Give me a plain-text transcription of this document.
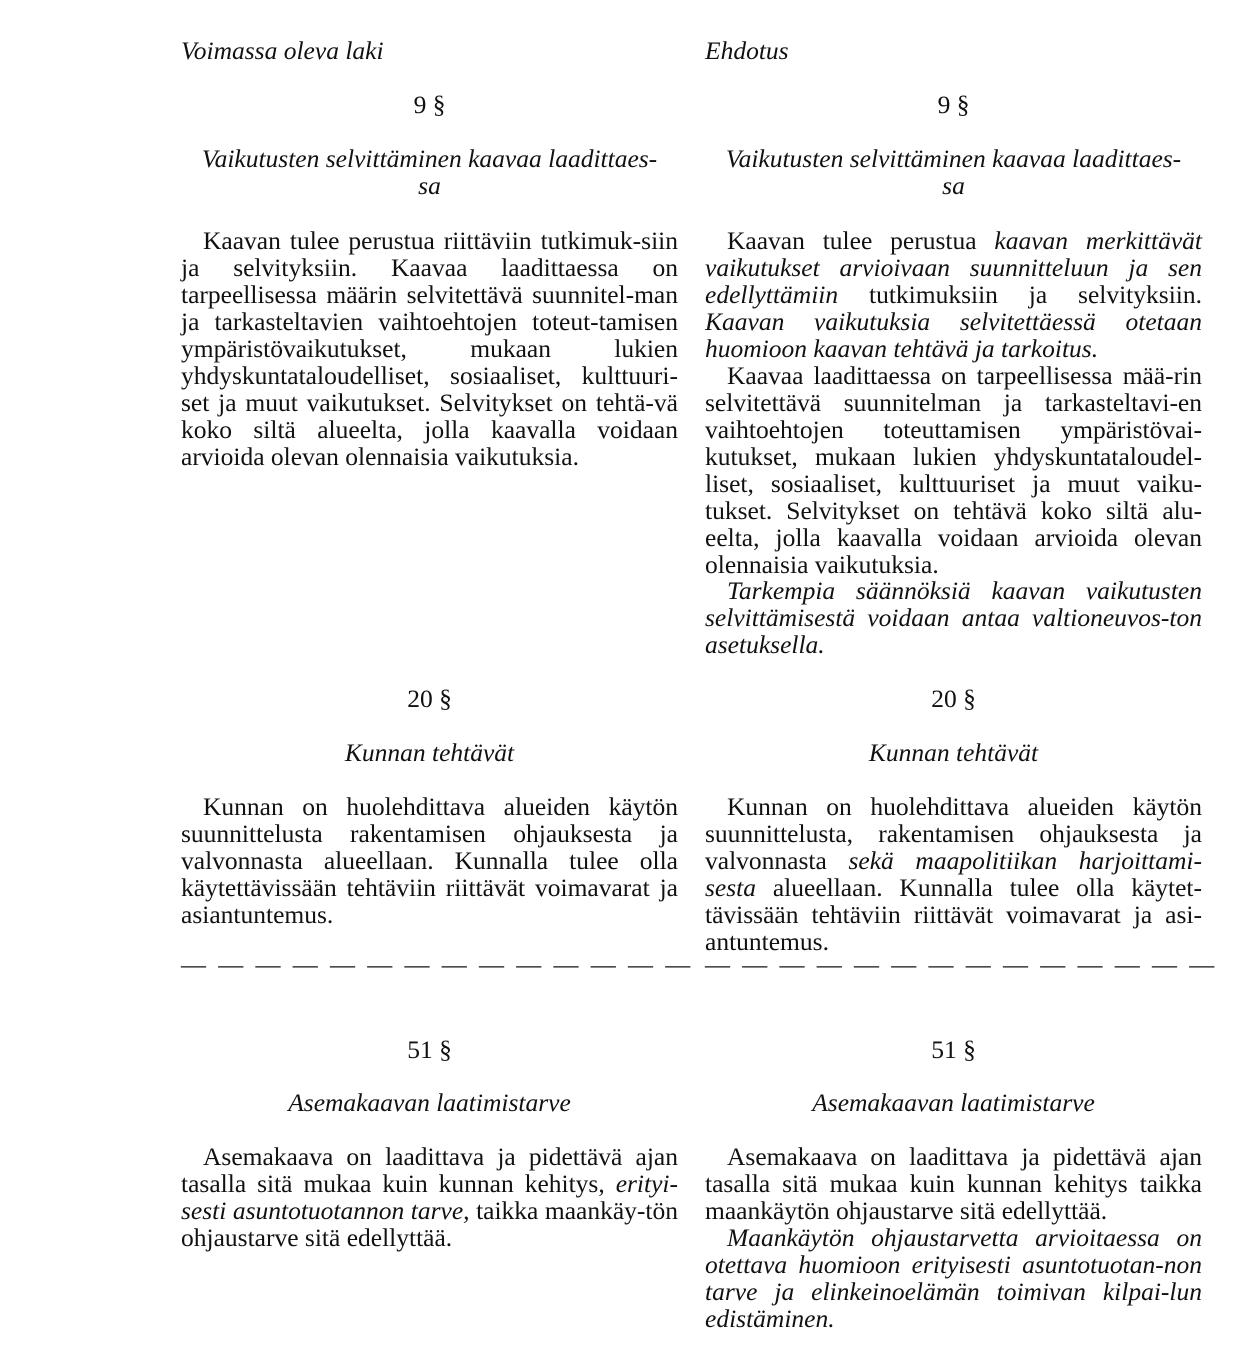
Voimassa oleva laki
9 §
Vaikutusten selvittäminen kaavaa laadittaes-sa

Kaavan tulee perustua riittäviin tutkimuk-siin ja selvityksiin. Kaavaa laadittaessa on tarpeellisessa määrin selvitettävä suunnitel-man ja tarkasteltavien vaihtoehtojen toteut-tamisen ympäristövaikutukset, mukaan lukien yhdyskuntataloudelliset, sosiaaliset, kulttuuri-set ja muut vaikutukset. Selvitykset on tehtä-vä koko siltä alueelta, jolla kaavalla voidaan arvioida olevan olennaisia vaikutuksia.

20 §
Kunnan tehtävät

Kunnan on huolehdittava alueiden käytön suunnittelusta rakentamisen ohjauksesta ja valvonnasta alueellaan. Kunnalla tulee olla käytettävissään tehtäviin riittävät voimavarat ja asiantuntemus.

— — — — — — — — — — — — — —
51 §
Asemakaavan laatimistarve

Asemakaava on laadittava ja pidettävä ajan tasalla sitä mukaa kuin kunnan kehitys, erityi-sesti asuntotuotannon tarve, taikka maankäy-tön ohjaustarve sitä edellyttää.

Ehdotus
9 §
Vaikutusten selvittäminen kaavaa laadittaes-sa

Kaavan tulee perustua kaavan merkittävät vaikutukset arvioivaan suunnitteluun ja sen edellyttämiin tutkimuksiin ja selvityksiin. Kaavan vaikutuksia selvitettäessä otetaan huomioon kaavan tehtävä ja tarkoitus.

Kaavaa laadittaessa on tarpeellisessa mää-rin selvitettävä suunnitelman ja tarkasteltavi-en vaihtoehtojen toteuttamisen ympäristövai-kutukset, mukaan lukien yhdyskuntataloudel-liset, sosiaaliset, kulttuuriset ja muut vaiku-tukset. Selvitykset on tehtävä koko siltä alu-eelta, jolla kaavalla voidaan arvioida olevan olennaisia vaikutuksia.

Tarkempia säännöksiä kaavan vaikutusten selvittämisestä voidaan antaa valtioneuvos-ton asetuksella.

20 §
Kunnan tehtävät

Kunnan on huolehdittava alueiden käytön suunnittelusta, rakentamisen ohjauksesta ja valvonnasta sekä maapolitiikan harjoittami-sesta alueellaan. Kunnalla tulee olla käytet-tävissään tehtäviin riittävät voimavarat ja asi-antuntemus.

— — — — — — — — — — — — — —
51 §
Asemakaavan laatimistarve

Asemakaava on laadittava ja pidettävä ajan tasalla sitä mukaa kuin kunnan kehitys taikka maankäytön ohjaustarve sitä edellyttää.

Maankäytön ohjaustarvetta arvioitaessa on otettava huomioon erityisesti asuntotuotan-non tarve ja elinkeinoelämän toimivan kilpai-lun edistäminen.
